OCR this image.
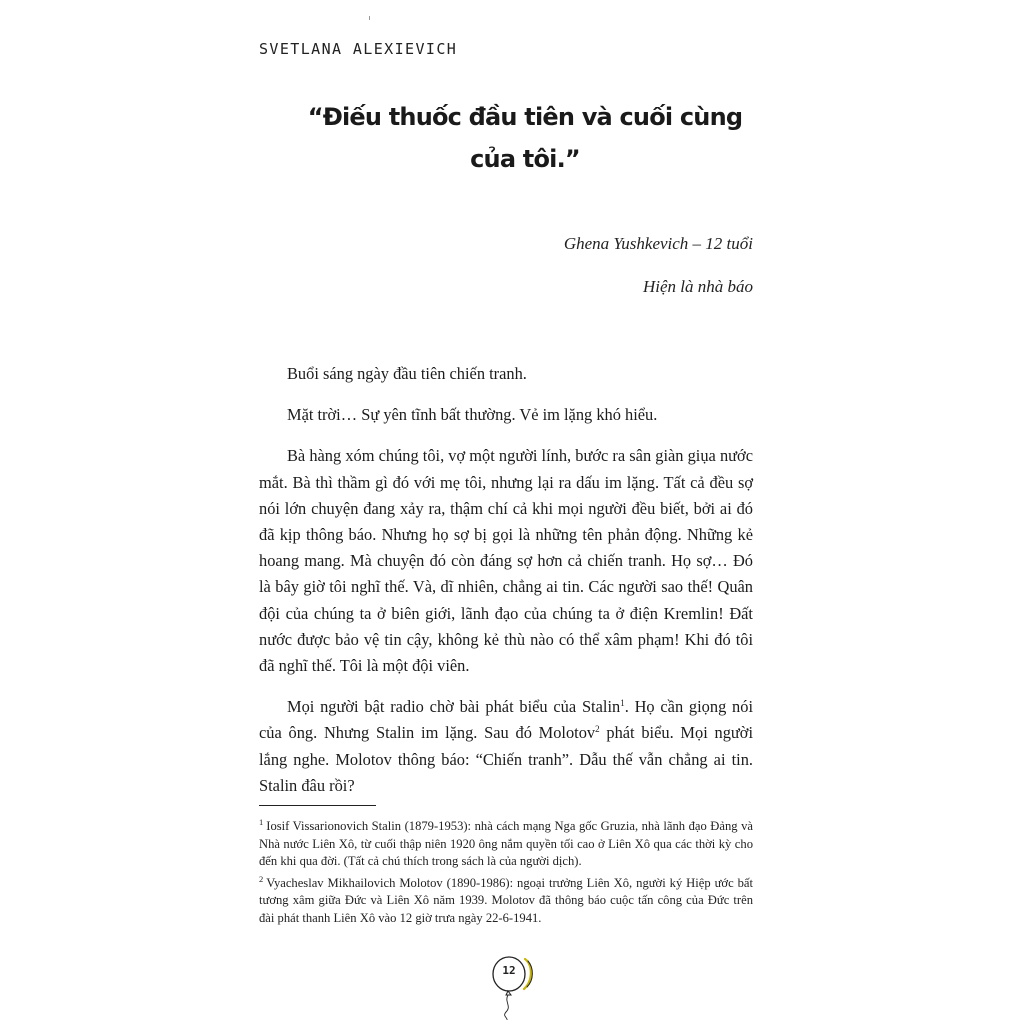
SVETLANA ALEXIEVICH
“Điếu thuốc đầu tiên và cuối cùng
của tôi.”
Ghena Yushkevich – 12 tuổi
Hiện là nhà báo

Buổi sáng ngày đầu tiên chiến tranh.

Mặt trời… Sự yên tĩnh bất thường. Vẻ im lặng khó hiểu.

Bà hàng xóm chúng tôi, vợ một người lính, bước ra sân giàn giụa nước mắt. Bà thì thầm gì đó với mẹ tôi, nhưng lại ra dấu im lặng. Tất cả đều sợ nói lớn chuyện đang xảy ra, thậm chí cả khi mọi người đều biết, bởi ai đó đã kịp thông báo. Nhưng họ sợ bị gọi là những tên phản động. Những kẻ hoang mang. Mà chuyện đó còn đáng sợ hơn cả chiến tranh. Họ sợ… Đó là bây giờ tôi nghĩ thế. Và, dĩ nhiên, chẳng ai tin. Các người sao thế! Quân đội của chúng ta ở biên giới, lãnh đạo của chúng ta ở điện Kremlin! Đất nước được bảo vệ tin cậy, không kẻ thù nào có thể xâm phạm! Khi đó tôi đã nghĩ thế. Tôi là một đội viên.

Mọi người bật radio chờ bài phát biểu của Stalin$^1$. Họ cần giọng nói của ông. Nhưng Stalin im lặng. Sau đó Molotov$^2$ phát biểu. Mọi người lắng nghe. Molotov thông báo: “Chiến tranh”. Dẫu thế vẫn chẳng ai tin. Stalin đâu rồi?

$^1$ Iosif Vissarionovich Stalin (1879-1953): nhà cách mạng Nga gốc Gruzia, nhà lãnh đạo Đảng và Nhà nước Liên Xô, từ cuối thập niên 1920 ông nắm quyền tối cao ở Liên Xô qua các thời kỳ cho đến khi qua đời. (Tất cả chú thích trong sách là của người dịch).

$^2$ Vyacheslav Mikhailovich Molotov (1890-1986): ngoại trưởng Liên Xô, người ký Hiệp ước bất tương xâm giữa Đức và Liên Xô năm 1939. Molotov đã thông báo cuộc tấn công của Đức trên đài phát thanh Liên Xô vào 12 giờ trưa ngày 22-6-1941.

12
